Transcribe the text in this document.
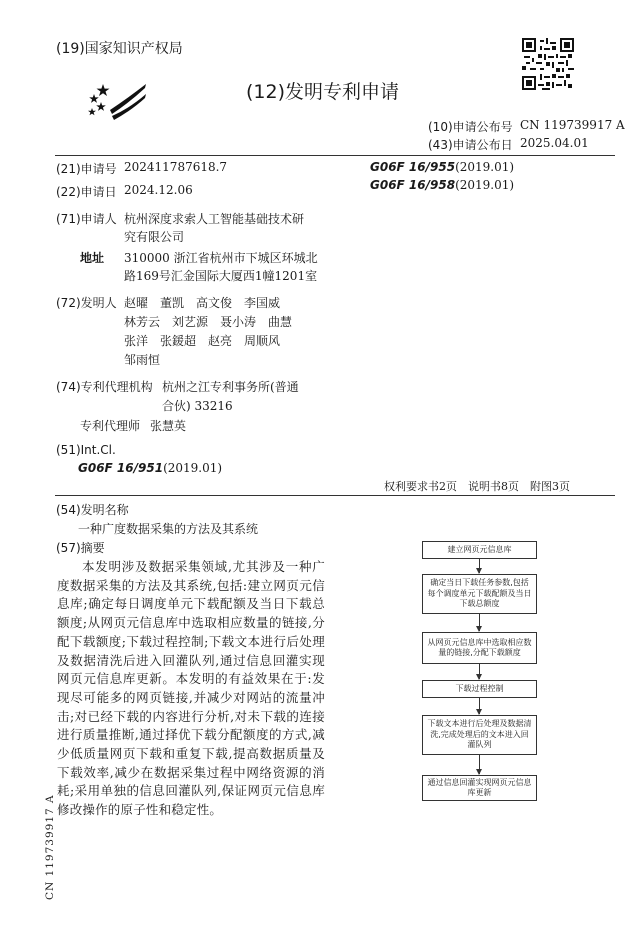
(19)国家知识产权局
(12)发明专利申请
(10)申请公布号 CN 119739917 A
(43)申请公布日 2025.04.01
(21)申请号 202411787618.7
(22)申请日 2024.12.06
G06F 16/955(2019.01)
G06F 16/958(2019.01)
(71)申请人 杭州深度求索人工智能基础技术研
究有限公司
地址 310000 浙江省杭州市下城区环城北
路169号汇金国际大厦西1幢1201室
(72)发明人 赵曜　董凯　高文俊　李国威
林芳云　刘艺源　聂小涛　曲慧
张洋　张鍰超　赵亮　周顺风
邹雨恒
(74)专利代理机构 杭州之江专利事务所(普通
合伙) 33216
专利代理师 张慧英
(51)Int.Cl.
G06F 16/951(2019.01)
权利要求书2页　说明书8页　附图3页
(54)发明名称
一种广度数据采集的方法及其系统
(57)摘要
本发明涉及数据采集领域,尤其涉及一种广度数据采集的方法及其系统,包括:建立网页元信息库;确定每日调度单元下载配额及当日下载总额度;从网页元信息库中选取相应数量的链接,分配下载额度;下载过程控制;下载文本进行后处理及数据清洗后进入回灌队列,通过信息回灌实现网页元信息库更新。本发明的有益效果在于:发现尽可能多的网页链接,并减少对网站的流量冲击;对已经下载的内容进行分析,对未下载的连接进行质量推断,通过择优下载分配额度的方式,减少低质量网页下载和重复下载,提高数据质量及下载效率,减少在数据采集过程中网络资源的消耗;采用单独的信息回灌队列,保证网页元信息库修改操作的原子性和稳定性。
建立网页元信息库
确定当日下载任务参数,包括每个调度单元下载配额及当日下载总额度
从网页元信息库中选取相应数量的链接,分配下载额度
下载过程控制
下载文本进行后处理及数据清洗,完成处理后的文本进入回灌队列
通过信息回灌实现网页元信息库更新
CN 119739917 A
